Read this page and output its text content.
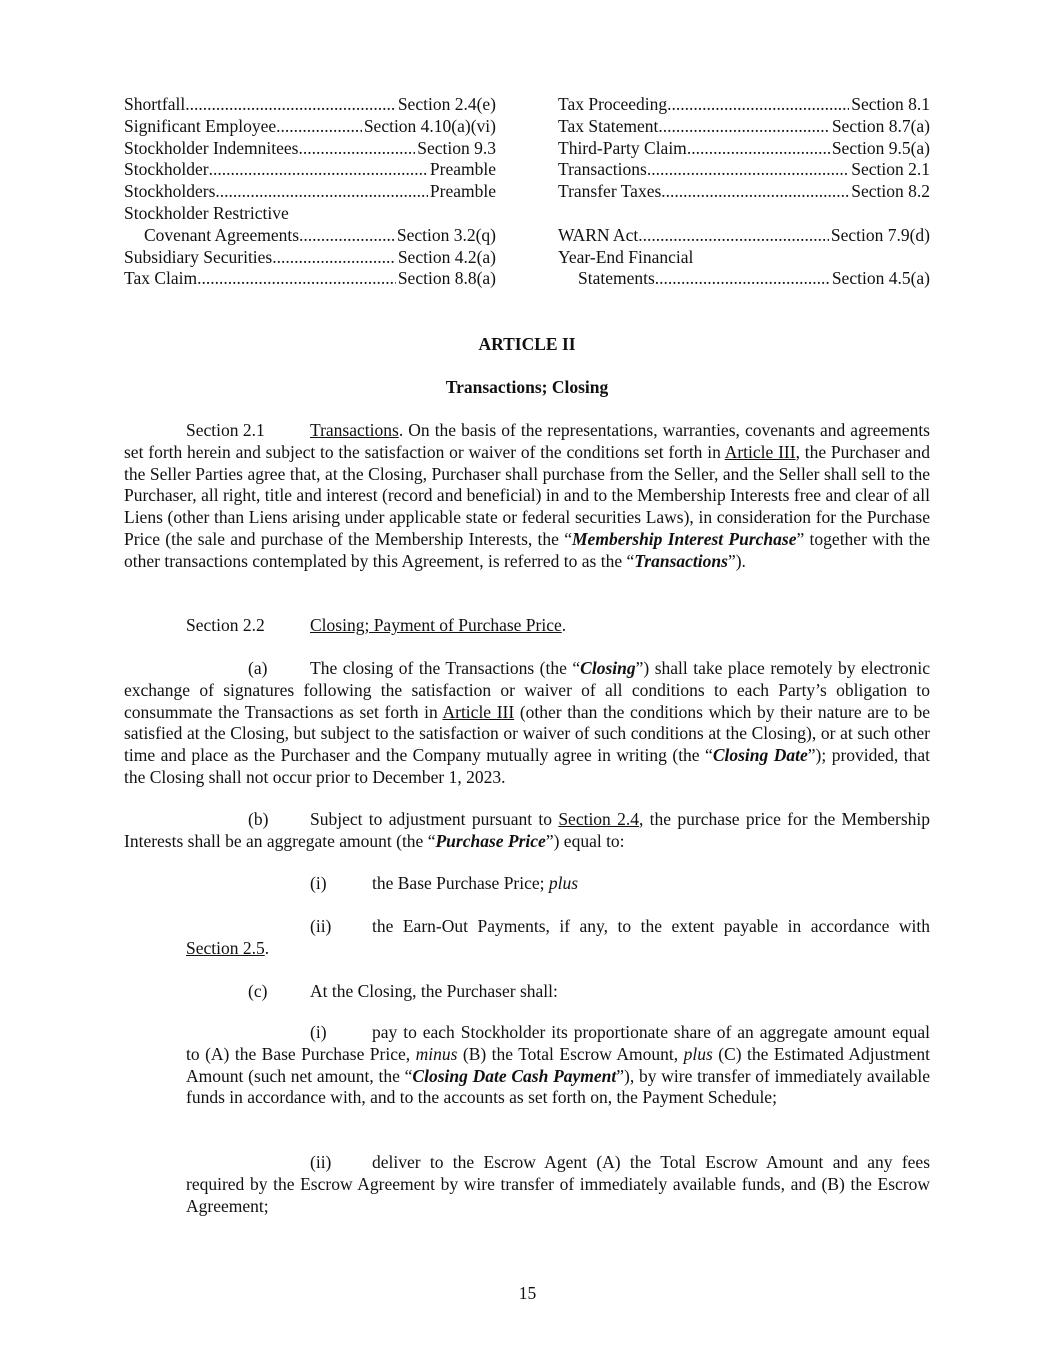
Shortfall .....	Section 2.4(e)
Significant Employee .....	Section 4.10(a)(vi)
Stockholder Indemnitees .....	Section 9.3
Stockholder .....	Preamble
Stockholders .....	Preamble
Stockholder Restrictive
Covenant Agreements .....	Section 3.2(q)
Subsidiary Securities .....	Section 4.2(a)
Tax Claim .....	Section 8.8(a)
Tax Proceeding .....	Section 8.1
Tax Statement .....	Section 8.7(a)
Third-Party Claim .....	Section 9.5(a)
Transactions .....	Section 2.1
Transfer Taxes .....	Section 8.2
WARN Act .....	Section 7.9(d)
Year-End Financial
Statements .....	Section 4.5(a)
ARTICLE II
Transactions; Closing
Transactions. On the basis of the representations, warranties, covenants and agreements set forth herein and subject to the satisfaction or waiver of the conditions set forth in Article III, the Purchaser and the Seller Parties agree that, at the Closing, Purchaser shall purchase from the Seller, and the Seller shall sell to the Purchaser, all right, title and interest (record and beneficial) in and to the Membership Interests free and clear of all Liens (other than Liens arising under applicable state or federal securities Laws), in consideration for the Purchase Price (the sale and purchase of the Membership Interests, the “Membership Interest Purchase” together with the other transactions contemplated by this Agreement, is referred to as the “Transactions”).
Section 2.1
Section 2.2	Closing; Payment of Purchase Price.
The closing of the Transactions (the “Closing”) shall take place remotely by electronic exchange of signatures following the satisfaction or waiver of all conditions to each Party’s obligation to consummate the Transactions as set forth in Article III (other than the conditions which by their nature are to be satisfied at the Closing, but subject to the satisfaction or waiver of such conditions at the Closing), or at such other time and place as the Purchaser and the Company mutually agree in writing (the “Closing Date”); provided, that the Closing shall not occur prior to December 1, 2023.
(a)
Subject to adjustment pursuant to Section 2.4, the purchase price for the Membership Interests shall be an aggregate amount (the “Purchase Price”) equal to:
(b)
(i)	the Base Purchase Price; plus
the Earn-Out Payments, if any, to the extent payable in accordance with Section 2.5.
(ii)
(c) At the Closing, the Purchaser shall:
pay to each Stockholder its proportionate share of an aggregate amount equal to (A) the Base Purchase Price, minus (B) the Total Escrow Amount, plus (C) the Estimated Adjustment Amount (such net amount, the “Closing Date Cash Payment”), by wire transfer of immediately available funds in accordance with, and to the accounts as set forth on, the Payment Schedule;
(i)
deliver to the Escrow Agent (A) the Total Escrow Amount and any fees required by the Escrow Agreement by wire transfer of immediately available funds, and (B) the Escrow Agreement;
(ii)
15
